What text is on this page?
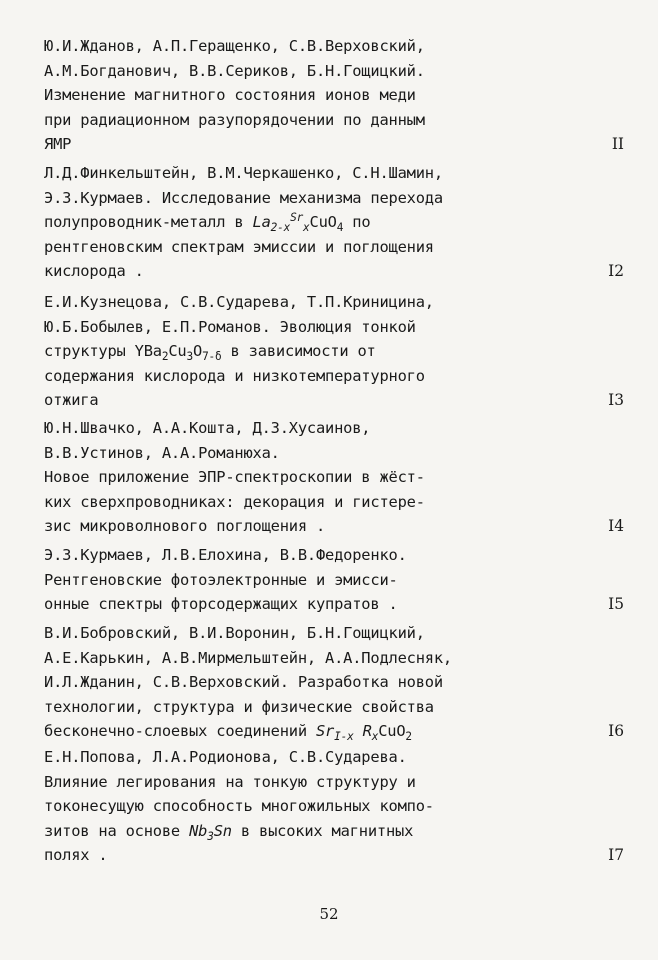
Ю.И.Жданов, А.П.Геращенко, С.В.Верховский,
А.М.Богданович, В.В.Сериков, Б.Н.Гощицкий.
Изменение магнитного состояния ионов меди
при радиационном разупорядочении по данным
ЯМР	II
Л.Д.Финкельштейн, В.М.Черкашенко, С.Н.Шамин,
Э.З.Курмаев. Исследование механизма перехода
полупроводник-металл в $La_{2-x}^{Sr}_xCuO_4$ по
рентгеновским спектрам эмиссии и поглощения
кислорода .	I2
Е.И.Кузнецова, С.В.Сударева, Т.П.Криницина,
Ю.Б.Бобылев, Е.П.Романов. Эволюция тонкой
структуры $YBa_2Cu_3O_{7-\delta}$ в зависимости от
содержания кислорода и низкотемпературного
отжига	I3
Ю.Н.Швачко, А.А.Кошта, Д.З.Хусаинов,
В.В.Устинов, А.А.Романюха.
Новое приложение ЭПР-спектроскопии в жёст-
ких сверхпроводниках: декорация и гистере-
зис микроволнового поглощения .	I4
Э.З.Курмаев, Л.В.Елохина, В.В.Федоренко.
Рентгеновские фотоэлектронные и эмисси-
онные спектры фторсодержащих купратов .	I5
В.И.Бобровский, В.И.Воронин, Б.Н.Гощицкий,
А.Е.Карькин, А.В.Мирмельштейн, А.А.Подлесняк,
И.Л.Жданин, С.В.Верховский. Разработка новой
технологии, структура и физические свойства
бесконечно-слоевых соединений $Sr_{I-x}$ $R_xCuO_2$	I6
Е.Н.Попова, Л.А.Родионова, С.В.Сударева.
Влияние легирования на тонкую структуру и
токонесущую способность многожильных компо-
зитов на основе $Nb_3Sn$ в высоких магнитных
полях .	I7
52
